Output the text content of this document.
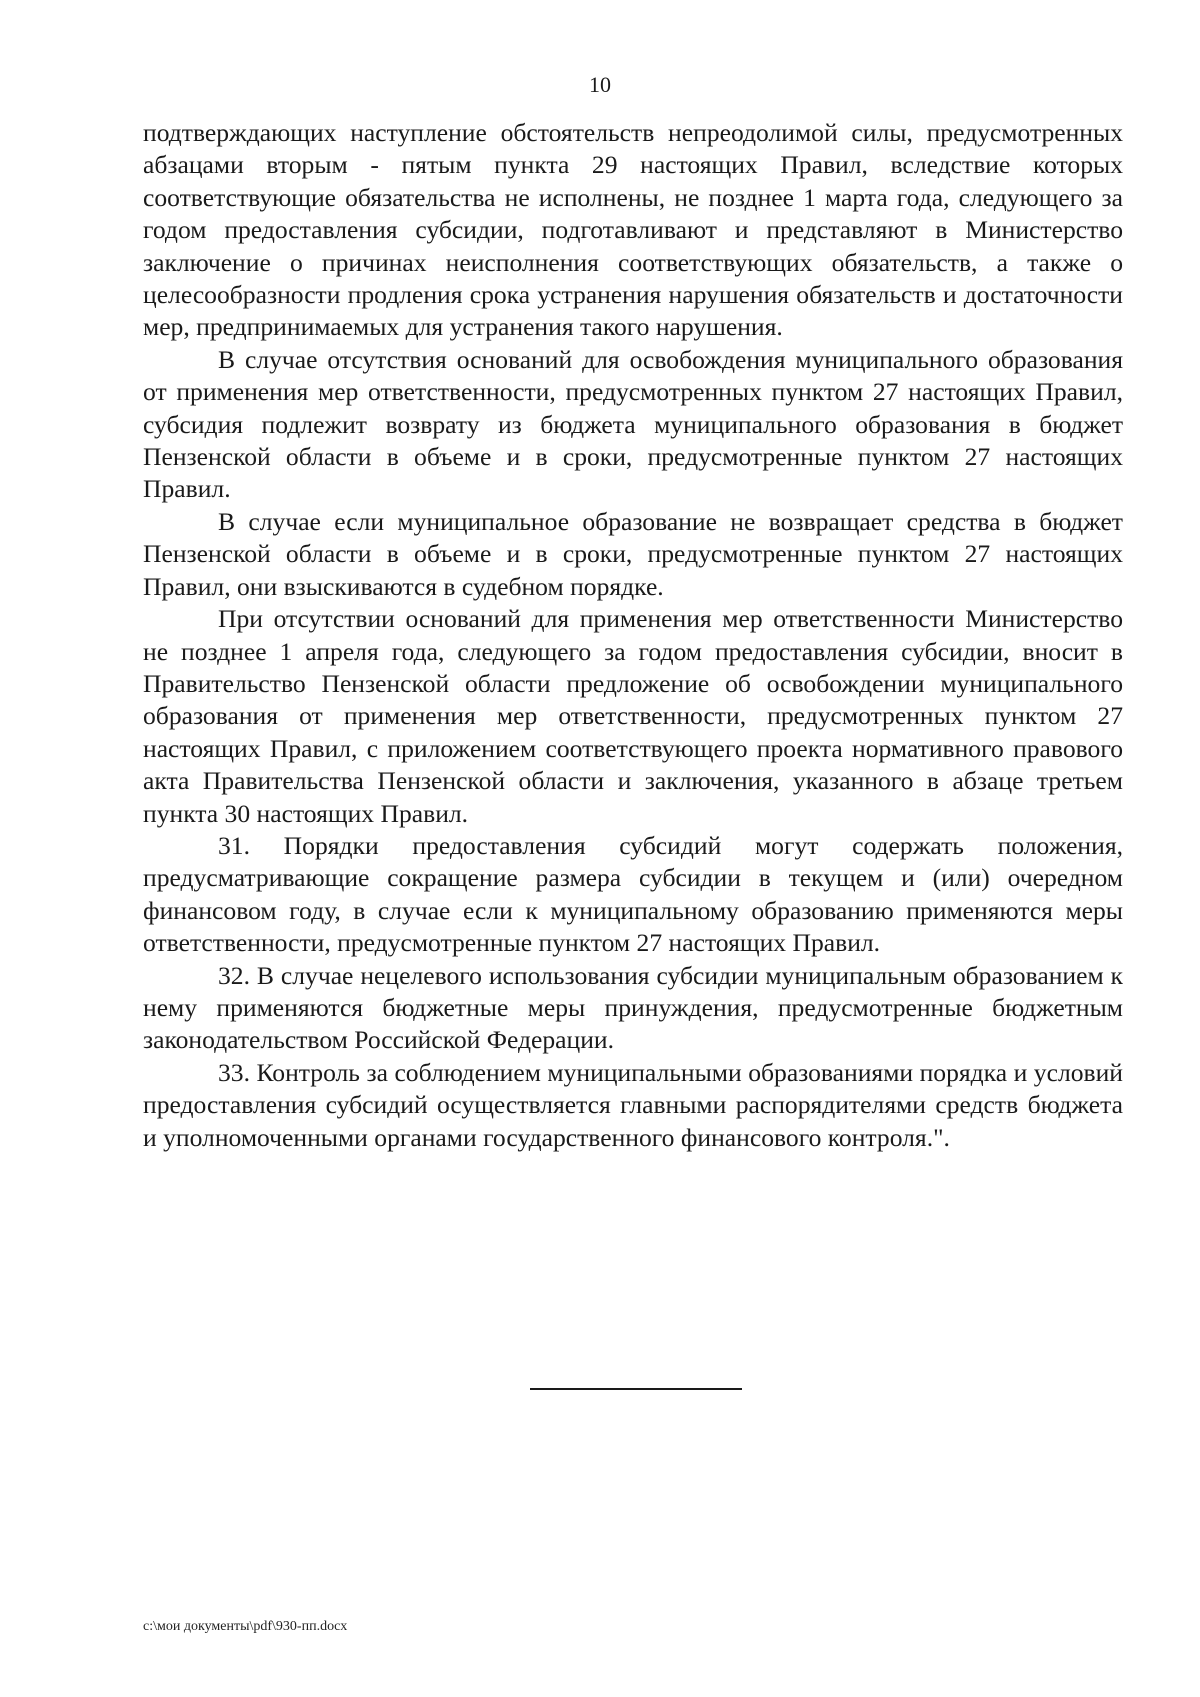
10

подтверждающих наступление обстоятельств непреодолимой силы, предусмотренных абзацами вторым - пятым пункта 29 настоящих Правил, вследствие которых соответствующие обязательства не исполнены, не позднее 1 марта года, следующего за годом предоставления субсидии, подготавливают и представляют в Министерство заключение о причинах неисполнения соответствующих обязательств, а также о целесообразности продления срока устранения нарушения обязательств и достаточности мер, предпринимаемых для устранения такого нарушения.

В случае отсутствия оснований для освобождения муниципального образования от применения мер ответственности, предусмотренных пунктом 27 настоящих Правил, субсидия подлежит возврату из бюджета муниципального образования в бюджет Пензенской области в объеме и в сроки, предусмотренные пунктом 27 настоящих Правил.

В случае если муниципальное образование не возвращает средства в бюджет Пензенской области в объеме и в сроки, предусмотренные пунктом 27 настоящих Правил, они взыскиваются в судебном порядке.

При отсутствии оснований для применения мер ответственности Министерство не позднее 1 апреля года, следующего за годом предоставления субсидии, вносит в Правительство Пензенской области предложение об освобождении муниципального образования от применения мер ответственности, предусмотренных пунктом 27 настоящих Правил, с приложением соответствующего проекта нормативного правового акта Правительства Пензенской области и заключения, указанного в абзаце третьем пункта 30 настоящих Правил.

31. Порядки предоставления субсидий могут содержать положения, предусматривающие сокращение размера субсидии в текущем и (или) очередном финансовом году, в случае если к муниципальному образованию применяются меры ответственности, предусмотренные пунктом 27 настоящих Правил.

32. В случае нецелевого использования субсидии муниципальным образованием к нему применяются бюджетные меры принуждения, предусмотренные бюджетным законодательством Российской Федерации.

33. Контроль за соблюдением муниципальными образованиями порядка и условий предоставления субсидий осуществляется главными распорядителями средств бюджета и уполномоченными органами государственного финансового контроля.".

c:\мои документы\pdf\930-пп.docx
